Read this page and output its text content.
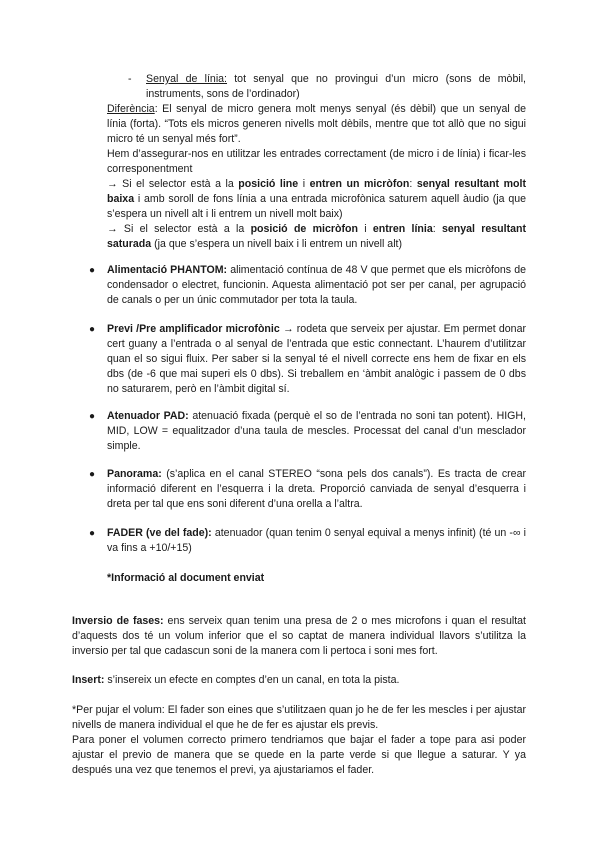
- Senyal de línia: tot senyal que no provingui d’un micro (sons de mòbil, instruments, sons de l’ordinador)

Diferència: El senyal de micro genera molt menys senyal (és dèbil) que un senyal de línia (forta). “Tots els micros generen nivells molt dèbils, mentre que tot allò que no sigui micro té un senyal més fort”.

Hem d’assegurar-nos en utilitzar les entrades correctament (de micro i de línia) i ficar-les corresponentment

→ Si el selector està a la posició line i entren un micròfon: senyal resultant molt baixa i amb soroll de fons línia a una entrada microfònica saturem aquell àudio (ja que s’espera un nivell alt i li entrem un nivell molt baix)

→ Si el selector està a la posició de micròfon i entren línia: senyal resultant saturada (ja que s’espera un nivell baix i li entrem un nivell alt)

● Alimentació PHANTOM: alimentació contínua de 48 V que permet que els micròfons de condensador o electret, funcionin. Aquesta alimentació pot ser per canal, per agrupació de canals o per un únic commutador per tota la taula.

● Previ /Pre amplificador microfònic → rodeta que serveix per ajustar. Em permet donar cert guany a l’entrada o al senyal de l’entrada que estic connectant. L’haurem d’utilitzar quan el so sigui fluix. Per saber si la senyal té el nivell correcte ens hem de fixar en els dbs (de -6 que mai superi els 0 dbs). Si treballem en ‘àmbit analògic i passem de 0 dbs no saturarem, però en l’àmbit digital sí.

● Atenuador PAD: atenuació fixada (perquè el so de l’entrada no soni tan potent). HIGH, MID, LOW = equalitzador d’una taula de mescles. Processat del canal d’un mesclador simple.

● Panorama: (s’aplica en el canal STEREO “sona pels dos canals”). Es tracta de crear informació diferent en l’esquerra i la dreta. Proporció canviada de senyal d’esquerra i dreta per tal que ens soni diferent d’una orella a l’altra.

● FADER (ve del fade): atenuador (quan tenim 0 senyal equival a menys infinit) (té un -∞ i va fins a +10/+15)

*Informació al document enviat

Inversio de fases: ens serveix quan tenim una presa de 2 o mes microfons i quan el resultat d’aquests dos té un volum inferior que el so captat de manera individual llavors s’utilitza la inversio per tal que cadascun soni de la manera com li pertoca i soni mes fort.

Insert: s’insereix un efecte en comptes d’en un canal, en tota la pista.

*Per pujar el volum: El fader son eines que s’utilitzaen quan jo he de fer les mescles i per ajustar nivells de manera individual el que he de fer es ajustar els previs.

Para poner el volumen correcto primero tendriamos que bajar el fader a tope para asi poder ajustar el previo de manera que se quede en la parte verde si que llegue a saturar. Y ya después una vez que tenemos el previ, ya ajustariamos el fader.
